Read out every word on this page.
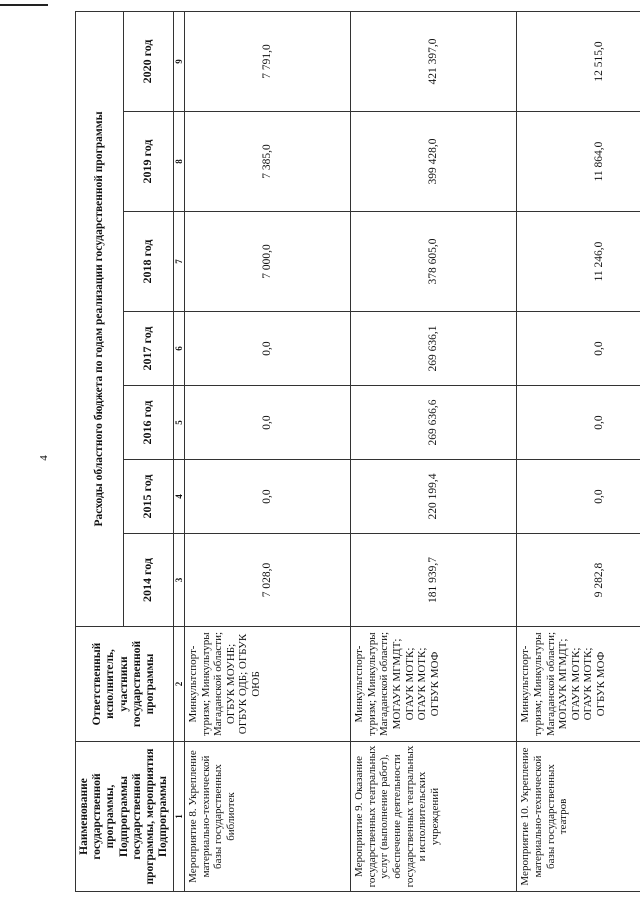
4
Наименование государственной программы, Подпрограммы государственной программы, мероприятия Подпрограммы	Ответственный исполнитель, участники государственной программы	Расходы областного бюджета по годам реализации государственной программы						
		2014 год	2015 год	2016 год	2017 год	2018 год	2019 год	2020 год
1	2	3	4	5	6	7	8	9
Мероприятие 8. Укрепление материально-технической базы государственных библиотек	Минкультспорт-туризм; Минкультуры Магаданской области; ОГБУК МОУНБ; ОГБУК ОДБ; ОГБУК ОЮБ	7 028,0	0,0	0,0	0,0	7 000,0	7 385,0	7 791,0
Мероприятие 9. Оказание государственных театральных услуг (выполнение работ), обеспечение деятельности государственных театральных и исполнительских учреждений	Минкультспорт-туризм; Минкультуры Магаданской области; МОГАУК МГМДТ; ОГАУК МОТК; ОГАУК МОТК; ОГБУК МОФ	181 939,7	220 199,4	269 636,6	269 636,1	378 605,0	399 428,0	421 397,0
Мероприятие 10. Укрепление материально-технической базы государственных театров	Минкультспорт-туризм; Минкультуры Магаданской области; МОГАУК МГМДТ; ОГАУК МОТК; ОГАУК МОТК; ОГБУК МОФ	9 282,8	0,0	0,0	0,0	11 246,0	11 864,0	12 515,0
